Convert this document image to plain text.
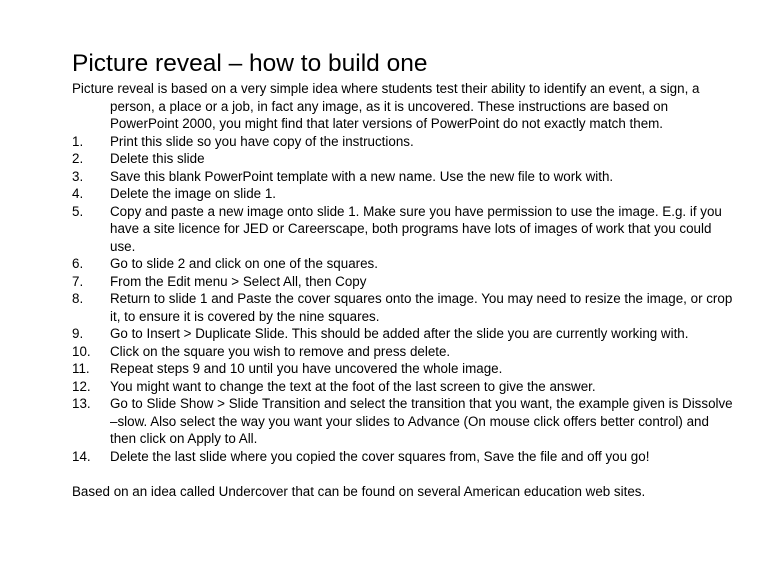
Picture reveal – how to build one
Picture reveal is based on a very simple idea where students test their ability to identify an event, a sign, a person, a place or a job, in fact any image, as it is uncovered. These instructions are based on PowerPoint 2000, you might find that later versions of PowerPoint do not exactly match them.
1.	Print this slide so you have copy of the instructions.
2.	Delete this slide
3.	Save this blank PowerPoint template with a new name. Use the new file to work with.
4.	Delete the image on slide 1.
5.	Copy and paste a new image onto slide 1. Make sure you have permission to use the image. E.g. if you have a site licence for JED or Careerscape, both programs have lots of images of work that you could use.
6.	Go to slide 2 and click on one of the squares.
7.	From the Edit menu > Select All, then Copy
8.	Return to slide 1 and Paste the cover squares onto the image. You may need to resize the image, or crop it, to ensure it is covered by the nine squares.
9.	Go to Insert > Duplicate Slide. This should be added after the slide you are currently working with.
10.	Click on the square you wish to remove and press delete.
11.	Repeat steps 9 and 10 until you have uncovered the whole image.
12.	You might want to change the text at the foot of the last screen to give the answer.
13.	Go to Slide Show > Slide Transition and select the transition that you want, the example given is Dissolve –slow. Also select the way you want your slides to Advance (On mouse click offers better control) and then click on Apply to All.
14.	Delete the last slide where you copied the cover squares from, Save the file and off you go!
Based on an idea called Undercover that can be found on several American education web sites.
